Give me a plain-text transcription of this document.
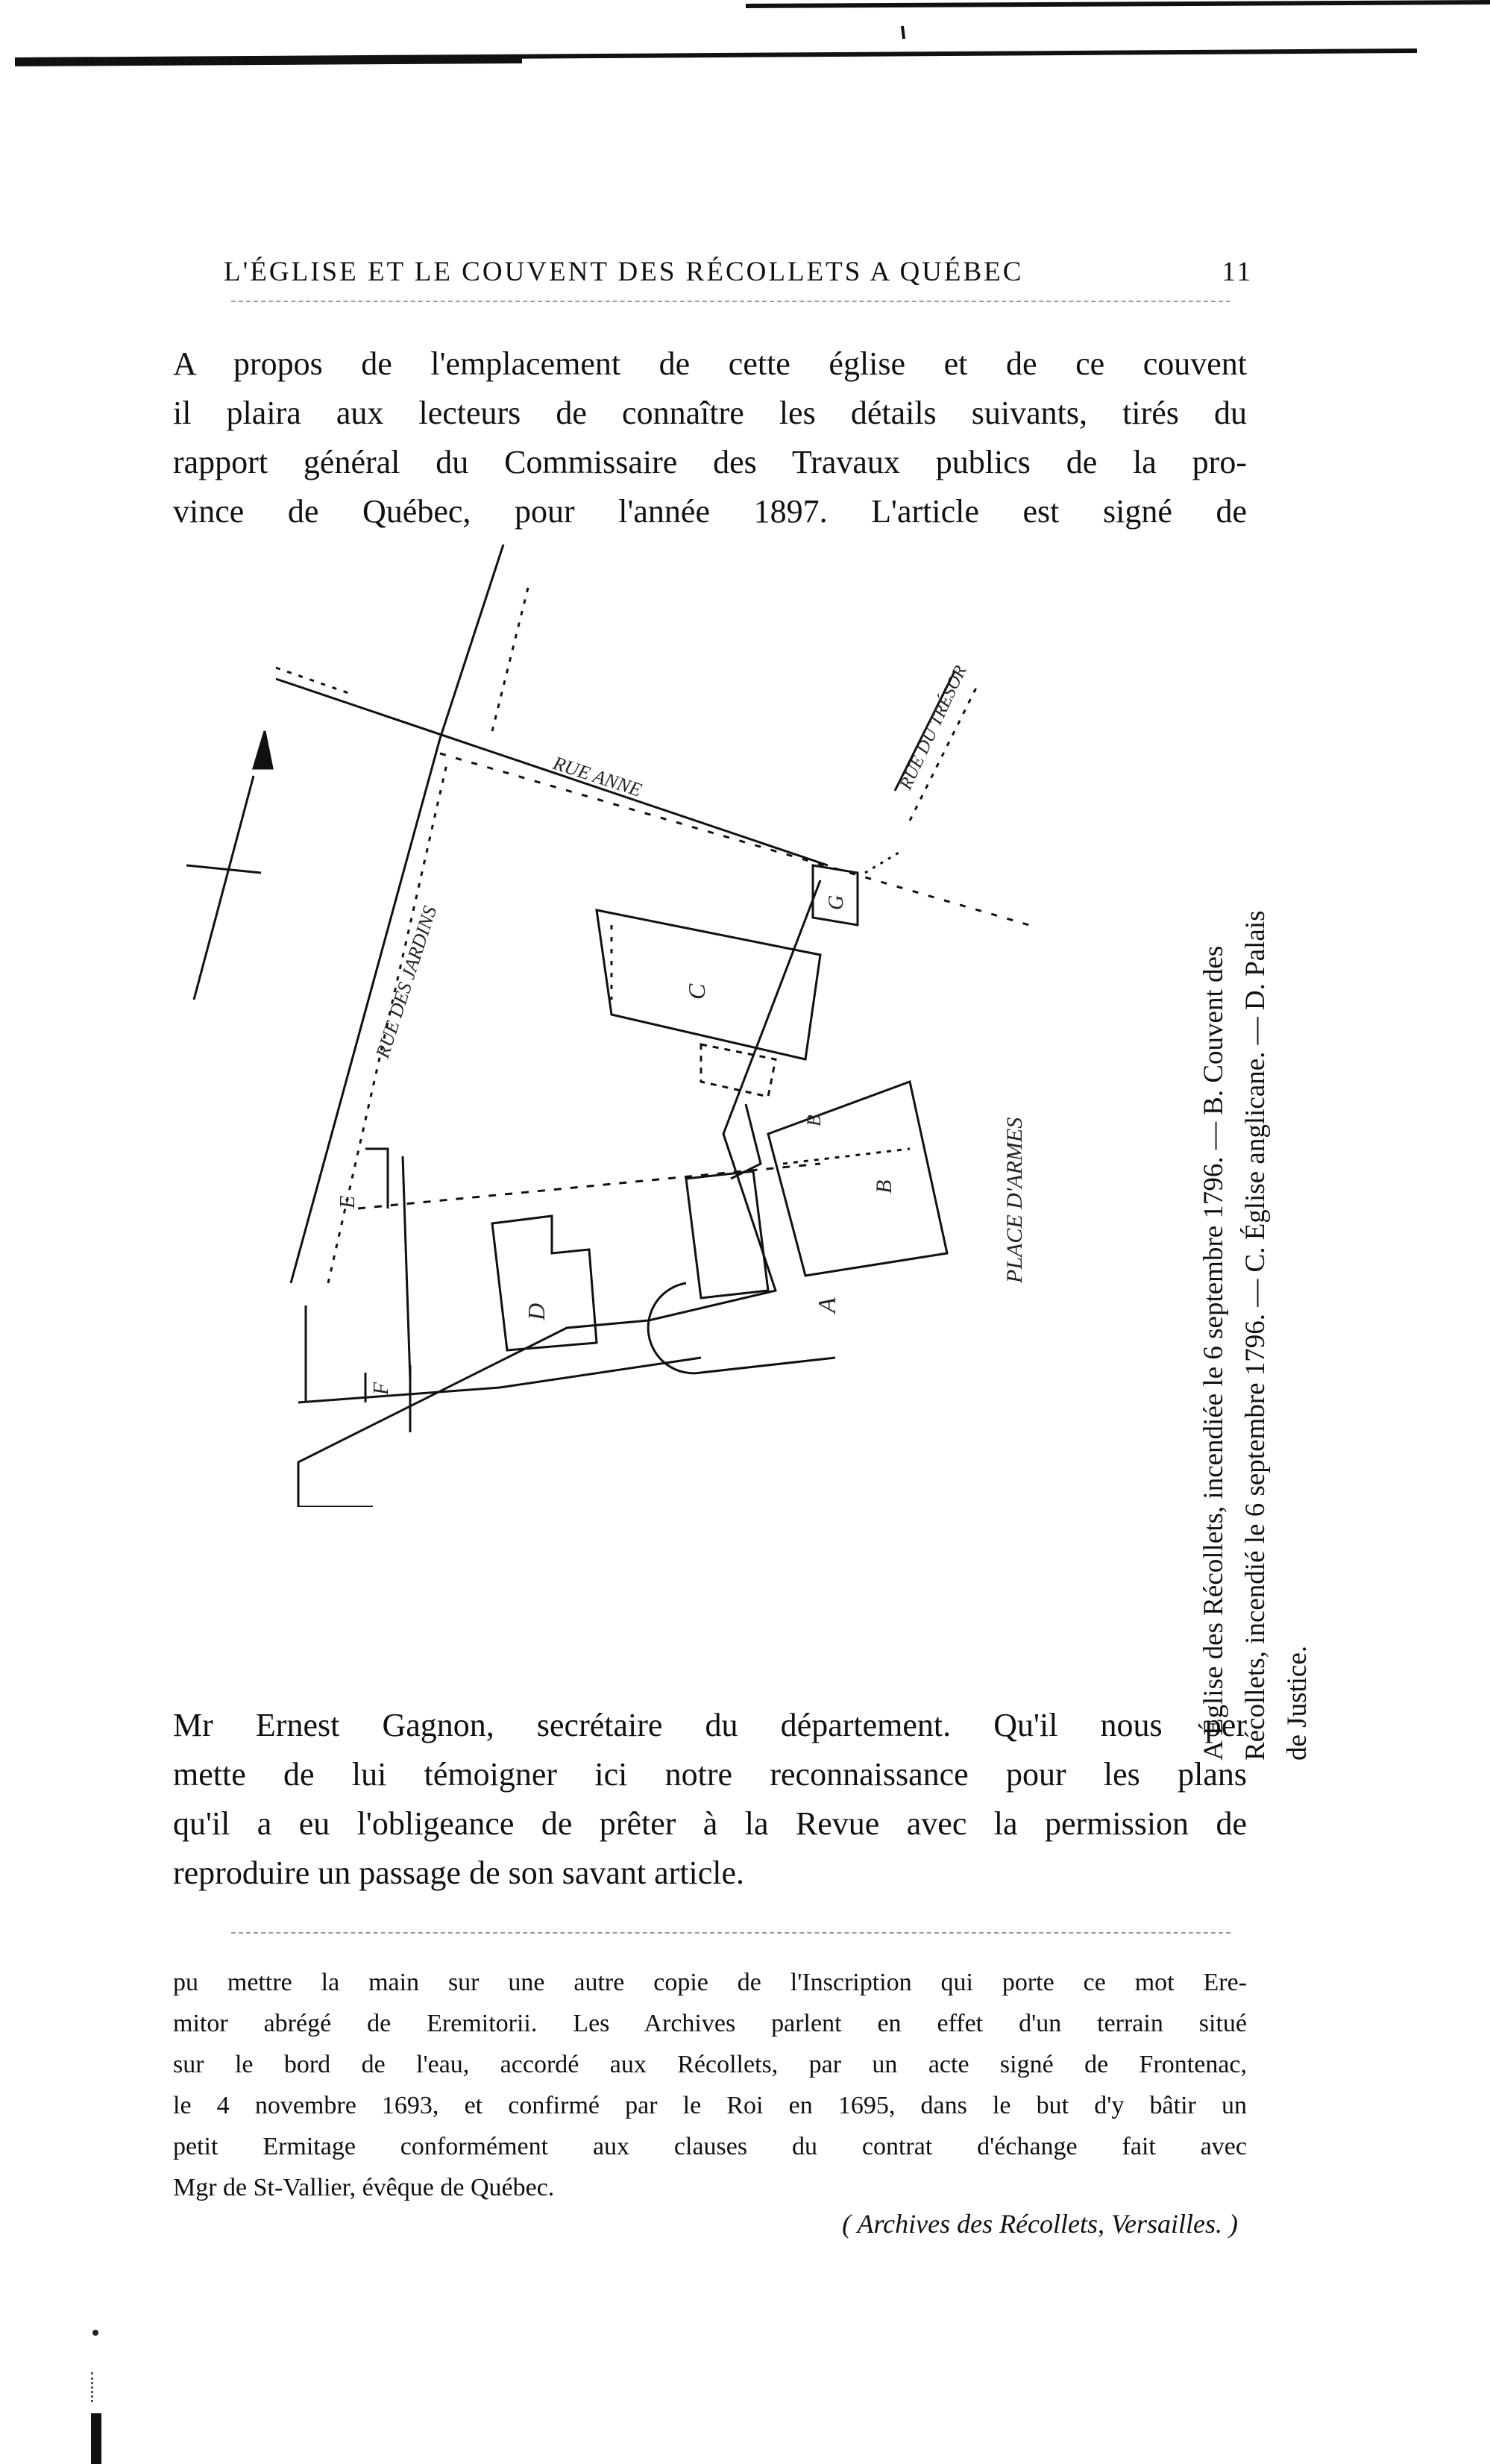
L'ÉGLISE ET LE COUVENT DES RÉCOLLETS A QUÉBEC	11
A propos de l'emplacement de cette église et de ce couvent
il plaira aux lecteurs de connaître les détails suivants, tirés du
rapport général du Commissaire des Travaux publics de la pro-
vince de Québec, pour l'année 1897. L'article est signé de
RUE ANNE	RUE DU TRÉSOR
PLACE D'ARMES
RUE DES JARDINS
A
B
C
D
E
F
G
B	A Église des Récollets, incendiée le 6 septembre 1796. — B. Couvent des Récollets, incendié le 6 septembre 1796. — C. Église anglicane. — D. Palais de Justice.
Mr Ernest Gagnon, secrétaire du département. Qu'il nous per
mette de lui témoigner ici notre reconnaissance pour les plans
qu'il a eu l'obligeance de prêter à la Revue avec la permission de
reproduire un passage de son savant article.
pu mettre la main sur une autre copie de l'Inscription qui porte ce mot Ere-
mitor abrégé de Eremitorii. Les Archives parlent en effet d'un terrain situé
sur le bord de l'eau, accordé aux Récollets, par un acte signé de Frontenac,
le 4 novembre 1693, et confirmé par le Roi en 1695, dans le but d'y bâtir un
petit Ermitage conformément aux clauses du contrat d'échange fait avec
Mgr de St-Vallier, évêque de Québec.
( Archives des Récollets, Versailles. )
